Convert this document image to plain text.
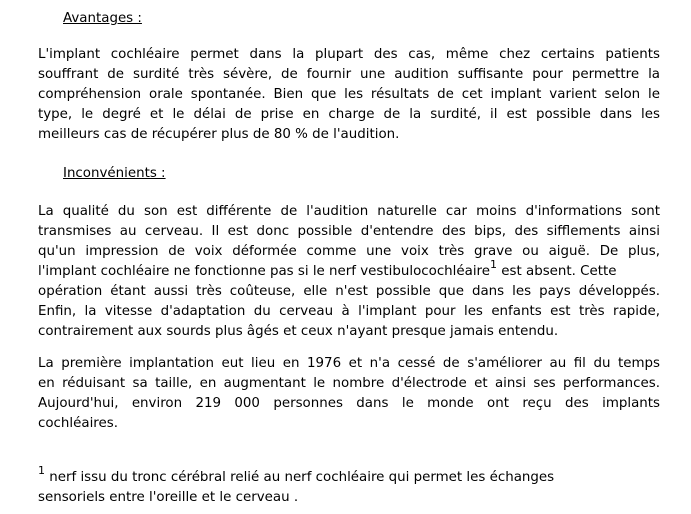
Avantages :
L'implant cochléaire permet dans la plupart des cas, même chez certains patients
souffrant de surdité très sévère, de fournir une audition suffisante pour permettre la
compréhension orale spontanée. Bien que les résultats de cet implant varient selon le
type, le degré et le délai de prise en charge de la surdité, il est possible dans les
meilleurs cas de récupérer plus de 80 % de l'audition.
Inconvénients :
La qualité du son est différente de l'audition naturelle car moins d'informations sont
transmises au cerveau. Il est donc possible d'entendre des bips, des sifflements ainsi
qu'un impression de voix déformée comme une voix très grave ou aiguë. De plus,
l'implant cochléaire ne fonctionne pas si le nerf vestibulocochléaire$^1$ est absent. Cette
opération étant aussi très coûteuse, elle n'est possible que dans les pays développés.
Enfin, la vitesse d'adaptation du cerveau à l'implant pour les enfants est très rapide,
contrairement aux sourds plus âgés et ceux n'ayant presque jamais entendu.
La première implantation eut lieu en 1976 et n'a cessé de s'améliorer au fil du temps
en réduisant sa taille, en augmentant le nombre d'électrode et ainsi ses performances.
Aujourd'hui, environ 219 000 personnes dans le monde ont reçu des implants
cochléaires.
$^1$ nerf issu du tronc cérébral relié au nerf cochléaire qui permet les échanges
sensoriels entre l'oreille et le cerveau .
